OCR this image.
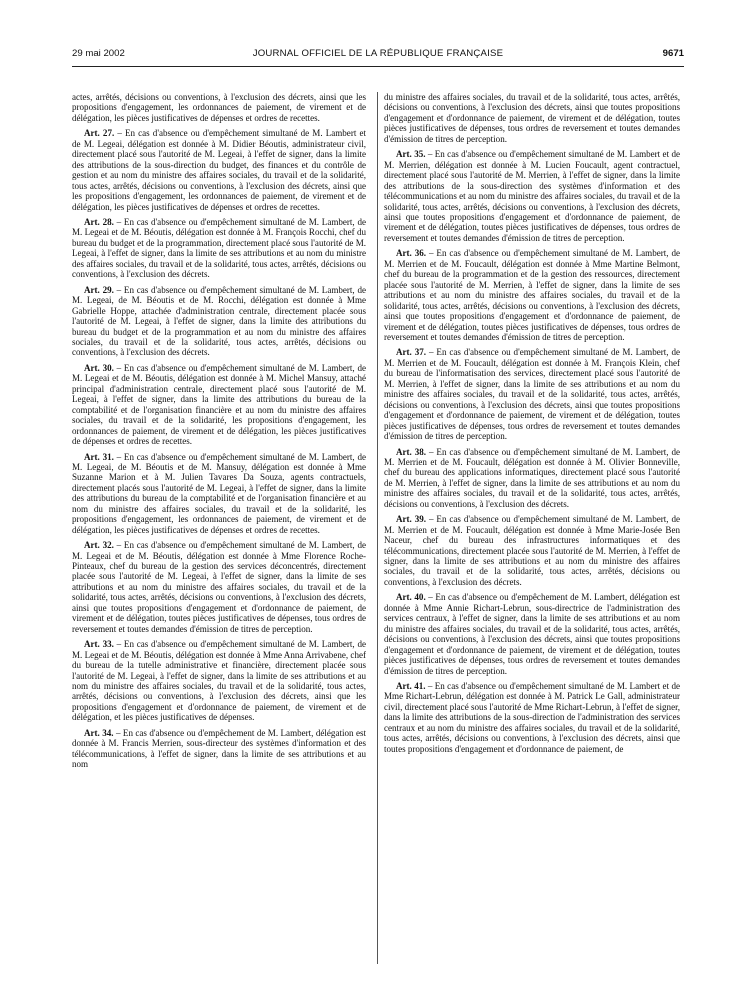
29 mai 2002	JOURNAL OFFICIEL DE LA RÉPUBLIQUE FRANÇAISE	9671

actes, arrêtés, décisions ou conventions, à l'exclusion des décrets, ainsi que les propositions d'engagement, les ordonnances de paiement, de virement et de délégation, les pièces justificatives de dépenses et ordres de recettes.

Art. 27. – En cas d'absence ou d'empêchement simultané de M. Lambert et de M. Legeai, délégation est donnée à M. Didier Béoutis, administrateur civil, directement placé sous l'autorité de M. Legeai, à l'effet de signer, dans la limite des attributions de la sous-direction du budget, des finances et du contrôle de gestion et au nom du ministre des affaires sociales, du travail et de la solidarité, tous actes, arrêtés, décisions ou conventions, à l'exclusion des décrets, ainsi que les propositions d'engagement, les ordonnances de paiement, de virement et de délégation, les pièces justificatives de dépenses et ordres de recettes.

Art. 28. – En cas d'absence ou d'empêchement simultané de M. Lambert, de M. Legeai et de M. Béoutis, délégation est donnée à M. François Rocchi, chef du bureau du budget et de la programmation, directement placé sous l'autorité de M. Legeai, à l'effet de signer, dans la limite de ses attributions et au nom du ministre des affaires sociales, du travail et de la solidarité, tous actes, arrêtés, décisions ou conventions, à l'exclusion des décrets.

Art. 29. – En cas d'absence ou d'empêchement simultané de M. Lambert, de M. Legeai, de M. Béoutis et de M. Rocchi, délégation est donnée à Mme Gabrielle Hoppe, attachée d'administration centrale, directement placée sous l'autorité de M. Legeai, à l'effet de signer, dans la limite des attributions du bureau du budget et de la programmation et au nom du ministre des affaires sociales, du travail et de la solidarité, tous actes, arrêtés, décisions ou conventions, à l'exclusion des décrets.

Art. 30. – En cas d'absence ou d'empêchement simultané de M. Lambert, de M. Legeai et de M. Béoutis, délégation est donnée à M. Michel Mansuy, attaché principal d'administration centrale, directement placé sous l'autorité de M. Legeai, à l'effet de signer, dans la limite des attributions du bureau de la comptabilité et de l'organisation financière et au nom du ministre des affaires sociales, du travail et de la solidarité, les propositions d'engagement, les ordonnances de paiement, de virement et de délégation, les pièces justificatives de dépenses et ordres de recettes.

Art. 31. – En cas d'absence ou d'empêchement simultané de M. Lambert, de M. Legeai, de M. Béoutis et de M. Mansuy, délégation est donnée à Mme Suzanne Marion et à M. Julien Tavares Da Souza, agents contractuels, directement placés sous l'autorité de M. Legeai, à l'effet de signer, dans la limite des attributions du bureau de la comptabilité et de l'organisation financière et au nom du ministre des affaires sociales, du travail et de la solidarité, les propositions d'engagement, les ordonnances de paiement, de virement et de délégation, les pièces justificatives de dépenses et ordres de recettes.

Art. 32. – En cas d'absence ou d'empêchement simultané de M. Lambert, de M. Legeai et de M. Béoutis, délégation est donnée à Mme Florence Roche-Pinteaux, chef du bureau de la gestion des services déconcentrés, directement placée sous l'autorité de M. Legeai, à l'effet de signer, dans la limite de ses attributions et au nom du ministre des affaires sociales, du travail et de la solidarité, tous actes, arrêtés, décisions ou conventions, à l'exclusion des décrets, ainsi que toutes propositions d'engagement et d'ordonnance de paiement, de virement et de délégation, toutes pièces justificatives de dépenses, tous ordres de reversement et toutes demandes d'émission de titres de perception.

Art. 33. – En cas d'absence ou d'empêchement simultané de M. Lambert, de M. Legeai et de M. Béoutis, délégation est donnée à Mme Anna Arrivabene, chef du bureau de la tutelle administrative et financière, directement placée sous l'autorité de M. Legeai, à l'effet de signer, dans la limite de ses attributions et au nom du ministre des affaires sociales, du travail et de la solidarité, tous actes, arrêtés, décisions ou conventions, à l'exclusion des décrets, ainsi que les propositions d'engagement et d'ordonnance de paiement, de virement et de délégation, et les pièces justificatives de dépenses.

Art. 34. – En cas d'absence ou d'empêchement de M. Lambert, délégation est donnée à M. Francis Merrien, sous-directeur des systèmes d'information et des télécommunications, à l'effet de signer, dans la limite de ses attributions et au nom

du ministre des affaires sociales, du travail et de la solidarité, tous actes, arrêtés, décisions ou conventions, à l'exclusion des décrets, ainsi que toutes propositions d'engagement et d'ordonnance de paiement, de virement et de délégation, toutes pièces justificatives de dépenses, tous ordres de reversement et toutes demandes d'émission de titres de perception.

Art. 35. – En cas d'absence ou d'empêchement simultané de M. Lambert et de M. Merrien, délégation est donnée à M. Lucien Foucault, agent contractuel, directement placé sous l'autorité de M. Merrien, à l'effet de signer, dans la limite des attributions de la sous-direction des systèmes d'information et des télécommunications et au nom du ministre des affaires sociales, du travail et de la solidarité, tous actes, arrêtés, décisions ou conventions, à l'exclusion des décrets, ainsi que toutes propositions d'engagement et d'ordonnance de paiement, de virement et de délégation, toutes pièces justificatives de dépenses, tous ordres de reversement et toutes demandes d'émission de titres de perception.

Art. 36. – En cas d'absence ou d'empêchement simultané de M. Lambert, de M. Merrien et de M. Foucault, délégation est donnée à Mme Martine Belmont, chef du bureau de la programmation et de la gestion des ressources, directement placée sous l'autorité de M. Merrien, à l'effet de signer, dans la limite de ses attributions et au nom du ministre des affaires sociales, du travail et de la solidarité, tous actes, arrêtés, décisions ou conventions, à l'exclusion des décrets, ainsi que toutes propositions d'engagement et d'ordonnance de paiement, de virement et de délégation, toutes pièces justificatives de dépenses, tous ordres de reversement et toutes demandes d'émission de titres de perception.

Art. 37. – En cas d'absence ou d'empêchement simultané de M. Lambert, de M. Merrien et de M. Foucault, délégation est donnée à M. François Klein, chef du bureau de l'informatisation des services, directement placé sous l'autorité de M. Merrien, à l'effet de signer, dans la limite de ses attributions et au nom du ministre des affaires sociales, du travail et de la solidarité, tous actes, arrêtés, décisions ou conventions, à l'exclusion des décrets, ainsi que toutes propositions d'engagement et d'ordonnance de paiement, de virement et de délégation, toutes pièces justificatives de dépenses, tous ordres de reversement et toutes demandes d'émission de titres de perception.

Art. 38. – En cas d'absence ou d'empêchement simultané de M. Lambert, de M. Merrien et de M. Foucault, délégation est donnée à M. Olivier Bonneville, chef du bureau des applications informatiques, directement placé sous l'autorité de M. Merrien, à l'effet de signer, dans la limite de ses attributions et au nom du ministre des affaires sociales, du travail et de la solidarité, tous actes, arrêtés, décisions ou conventions, à l'exclusion des décrets.

Art. 39. – En cas d'absence ou d'empêchement simultané de M. Lambert, de M. Merrien et de M. Foucault, délégation est donnée à Mme Marie-Josée Ben Naceur, chef du bureau des infrastructures informatiques et des télécommunications, directement placée sous l'autorité de M. Merrien, à l'effet de signer, dans la limite de ses attributions et au nom du ministre des affaires sociales, du travail et de la solidarité, tous actes, arrêtés, décisions ou conventions, à l'exclusion des décrets.

Art. 40. – En cas d'absence ou d'empêchement de M. Lambert, délégation est donnée à Mme Annie Richart-Lebrun, sous-directrice de l'administration des services centraux, à l'effet de signer, dans la limite de ses attributions et au nom du ministre des affaires sociales, du travail et de la solidarité, tous actes, arrêtés, décisions ou conventions, à l'exclusion des décrets, ainsi que toutes propositions d'engagement et d'ordonnance de paiement, de virement et de délégation, toutes pièces justificatives de dépenses, tous ordres de reversement et toutes demandes d'émission de titres de perception.

Art. 41. – En cas d'absence ou d'empêchement simultané de M. Lambert et de Mme Richart-Lebrun, délégation est donnée à M. Patrick Le Gall, administrateur civil, directement placé sous l'autorité de Mme Richart-Lebrun, à l'effet de signer, dans la limite des attributions de la sous-direction de l'administration des services centraux et au nom du ministre des affaires sociales, du travail et de la solidarité, tous actes, arrêtés, décisions ou conventions, à l'exclusion des décrets, ainsi que toutes propositions d'engagement et d'ordonnance de paiement, de
